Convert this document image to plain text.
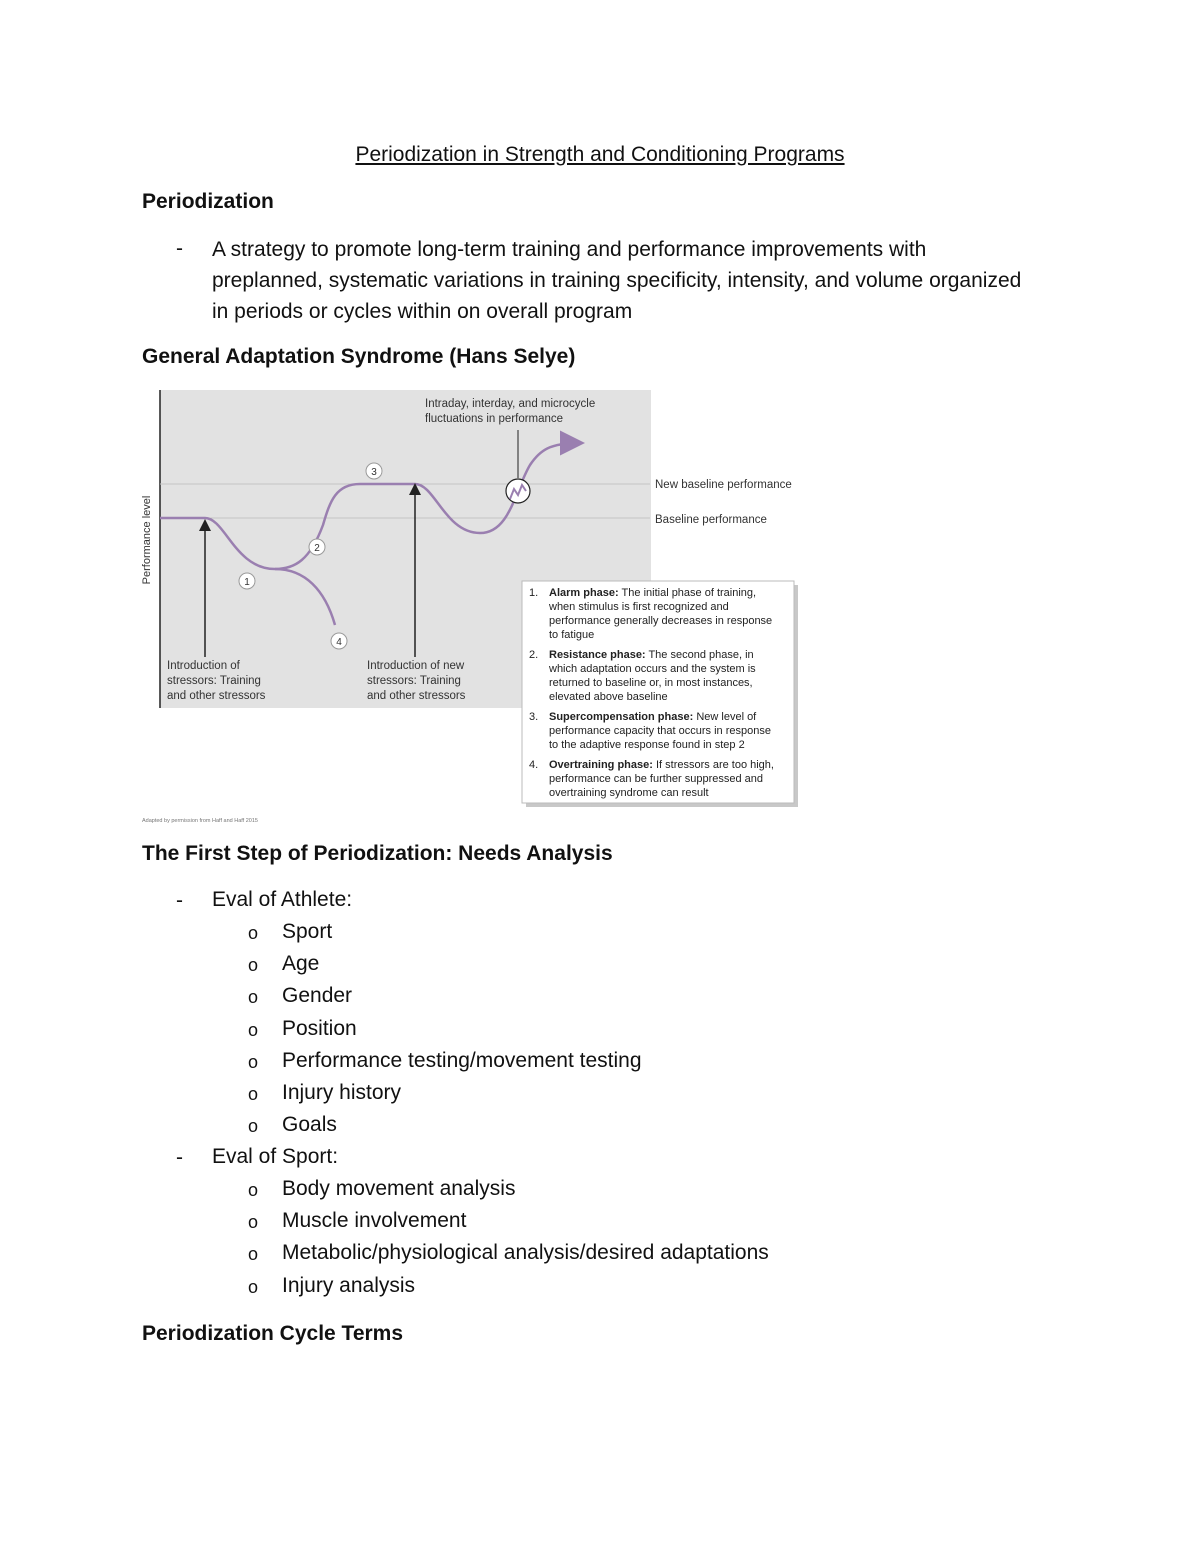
Periodization in Strength and Conditioning Programs
Periodization
- A strategy to promote long-term training and performance improvements with
preplanned, systematic variations in training specificity, intensity, and volume organized
in periods or cycles within on overall program
General Adaptation Syndrome (Hans Selye)
Performance level	1
2
3
4
Intraday, interday, and microcycle
fluctuations in performance
New baseline performance
Baseline performance
Introduction of
stressors: Training
and other stressors
Introduction of new
stressors: Training
and other stressors
1. Alarm phase: The initial phase of training,
when stimulus is first recognized and
performance generally decreases in response
to fatigue
2. Resistance phase: The second phase, in
which adaptation occurs and the system is
returned to baseline or, in most instances,
elevated above baseline
3. Supercompensation phase: New level of
performance capacity that occurs in response
to the adaptive response found in step 2
4. Overtraining phase: If stressors are too high,
performance can be further suppressed and
overtraining syndrome can result
Adapted by permission from Haff and Haff 2015
The First Step of Periodization: Needs Analysis
- Eval of Athlete:
o Sport
o Age
o Gender
o Position
o Performance testing/movement testing
o Injury history
o Goals
- Eval of Sport:
o Body movement analysis
o Muscle involvement
o Metabolic/physiological analysis/desired adaptations
o Injury analysis
Periodization Cycle Terms
